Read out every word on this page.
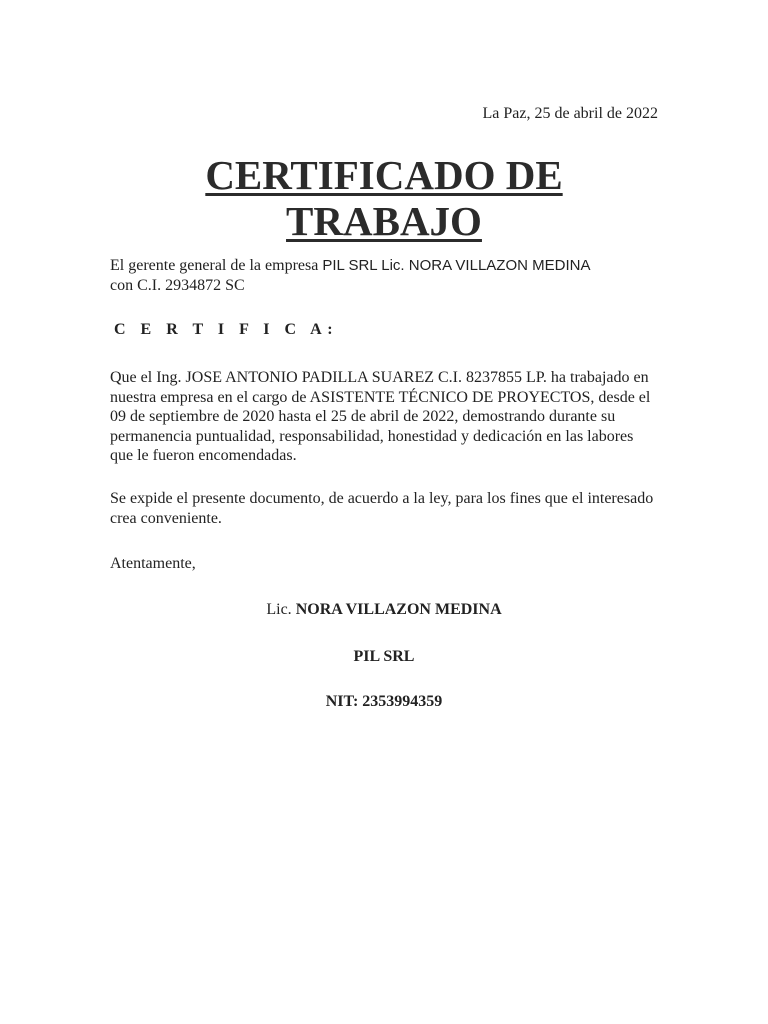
La Paz, 25 de abril de 2022
CERTIFICADO DE
TRABAJO
El gerente general de la empresa PIL SRL Lic. NORA VILLAZON MEDINA
con C.I. 2934872 SC
C E R T I F I C A:
Que el Ing. JOSE ANTONIO PADILLA SUAREZ C.I. 8237855 LP. ha trabajado en nuestra empresa en el cargo de ASISTENTE TÉCNICO DE PROYECTOS, desde el 09 de septiembre de 2020 hasta el 25 de abril de 2022, demostrando durante su permanencia puntualidad, responsabilidad, honestidad y dedicación en las labores que le fueron encomendadas.
Se expide el presente documento, de acuerdo a la ley, para los fines que el interesado crea conveniente.
Atentamente,
Lic. NORA VILLAZON MEDINA
PIL SRL
NIT: 2353994359
